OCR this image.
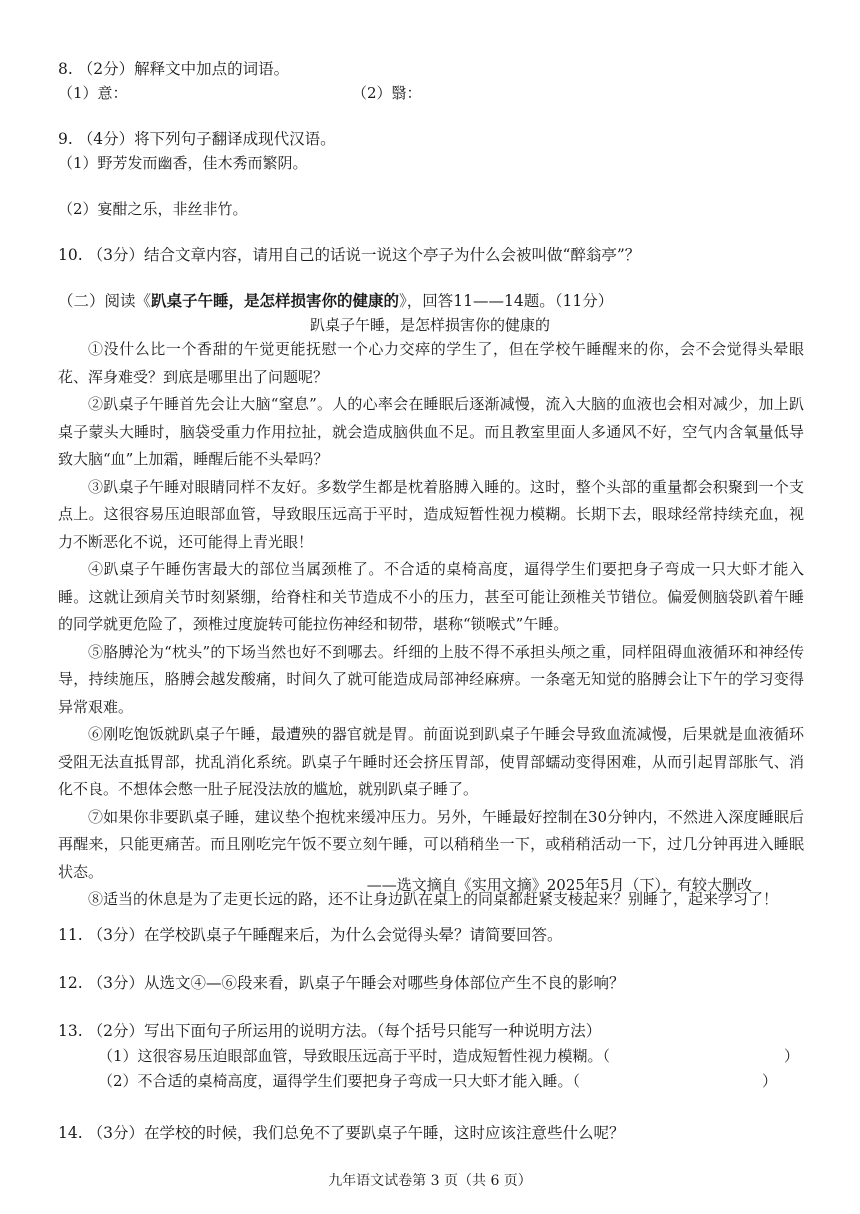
8. （2分）解释文中加点的词语。
（1）意：	（2）翳：
9. （4分）将下列句子翻译成现代汉语。
（1）野芳发而幽香，佳木秀而繁阴。
（2）宴酣之乐，非丝非竹。
10. （3分）结合文章内容，请用自己的话说一说这个亭子为什么会被叫做“醉翁亭”？
（二）阅读《趴桌子午睡，是怎样损害你的健康的》，回答11——14题。（11分）
趴桌子午睡，是怎样损害你的健康的

①没什么比一个香甜的午觉更能抚慰一个心力交瘁的学生了，但在学校午睡醒来的你，会不会觉得头晕眼花、浑身难受？到底是哪里出了问题呢？

②趴桌子午睡首先会让大脑“窒息”。人的心率会在睡眠后逐渐减慢，流入大脑的血液也会相对减少，加上趴桌子蒙头大睡时，脑袋受重力作用拉扯，就会造成脑供血不足。而且教室里面人多通风不好，空气内含氧量低导致大脑“血”上加霜，睡醒后能不头晕吗？

③趴桌子午睡对眼睛同样不友好。多数学生都是枕着胳膊入睡的。这时，整个头部的重量都会积聚到一个支点上。这很容易压迫眼部血管，导致眼压远高于平时，造成短暂性视力模糊。长期下去，眼球经常持续充血，视力不断恶化不说，还可能得上青光眼！

④趴桌子午睡伤害最大的部位当属颈椎了。不合适的桌椅高度，逼得学生们要把身子弯成一只大虾才能入睡。这就让颈肩关节时刻紧绷，给脊柱和关节造成不小的压力，甚至可能让颈椎关节错位。偏爱侧脑袋趴着午睡的同学就更危险了，颈椎过度旋转可能拉伤神经和韧带，堪称“锁喉式”午睡。

⑤胳膊沦为“枕头”的下场当然也好不到哪去。纤细的上肢不得不承担头颅之重，同样阻碍血液循环和神经传导，持续施压，胳膊会越发酸痛，时间久了就可能造成局部神经麻痹。一条毫无知觉的胳膊会让下午的学习变得异常艰难。

⑥刚吃饱饭就趴桌子午睡，最遭殃的器官就是胃。前面说到趴桌子午睡会导致血流减慢，后果就是血液循环受阻无法直抵胃部，扰乱消化系统。趴桌子午睡时还会挤压胃部，使胃部蠕动变得困难，从而引起胃部胀气、消化不良。不想体会憋一肚子屁没法放的尴尬，就别趴桌子睡了。

⑦如果你非要趴桌子睡，建议垫个抱枕来缓冲压力。另外，午睡最好控制在30分钟内，不然进入深度睡眠后再醒来，只能更痛苦。而且刚吃完午饭不要立刻午睡，可以稍稍坐一下，或稍稍活动一下，过几分钟再进入睡眠状态。

⑧适当的休息是为了走更长远的路，还不让身边趴在桌上的同桌都赶紧支棱起来？别睡了，起来学习了！

——选文摘自《实用文摘》2025年5月（下），有较大删改
11. （3分）在学校趴桌子午睡醒来后，为什么会觉得头晕？请简要回答。
12. （3分）从选文④—⑥段来看，趴桌子午睡会对哪些身体部位产生不良的影响？
13. （2分）写出下面句子所运用的说明方法。（每个括号只能写一种说明方法）
（1）这很容易压迫眼部血管，导致眼压远高于平时，造成短暂性视力模糊。（	）
（2）不合适的桌椅高度，逼得学生们要把身子弯成一只大虾才能入睡。（	）
14. （3分）在学校的时候，我们总免不了要趴桌子午睡，这时应该注意些什么呢？
九年语文试卷第 3 页（共 6 页）
